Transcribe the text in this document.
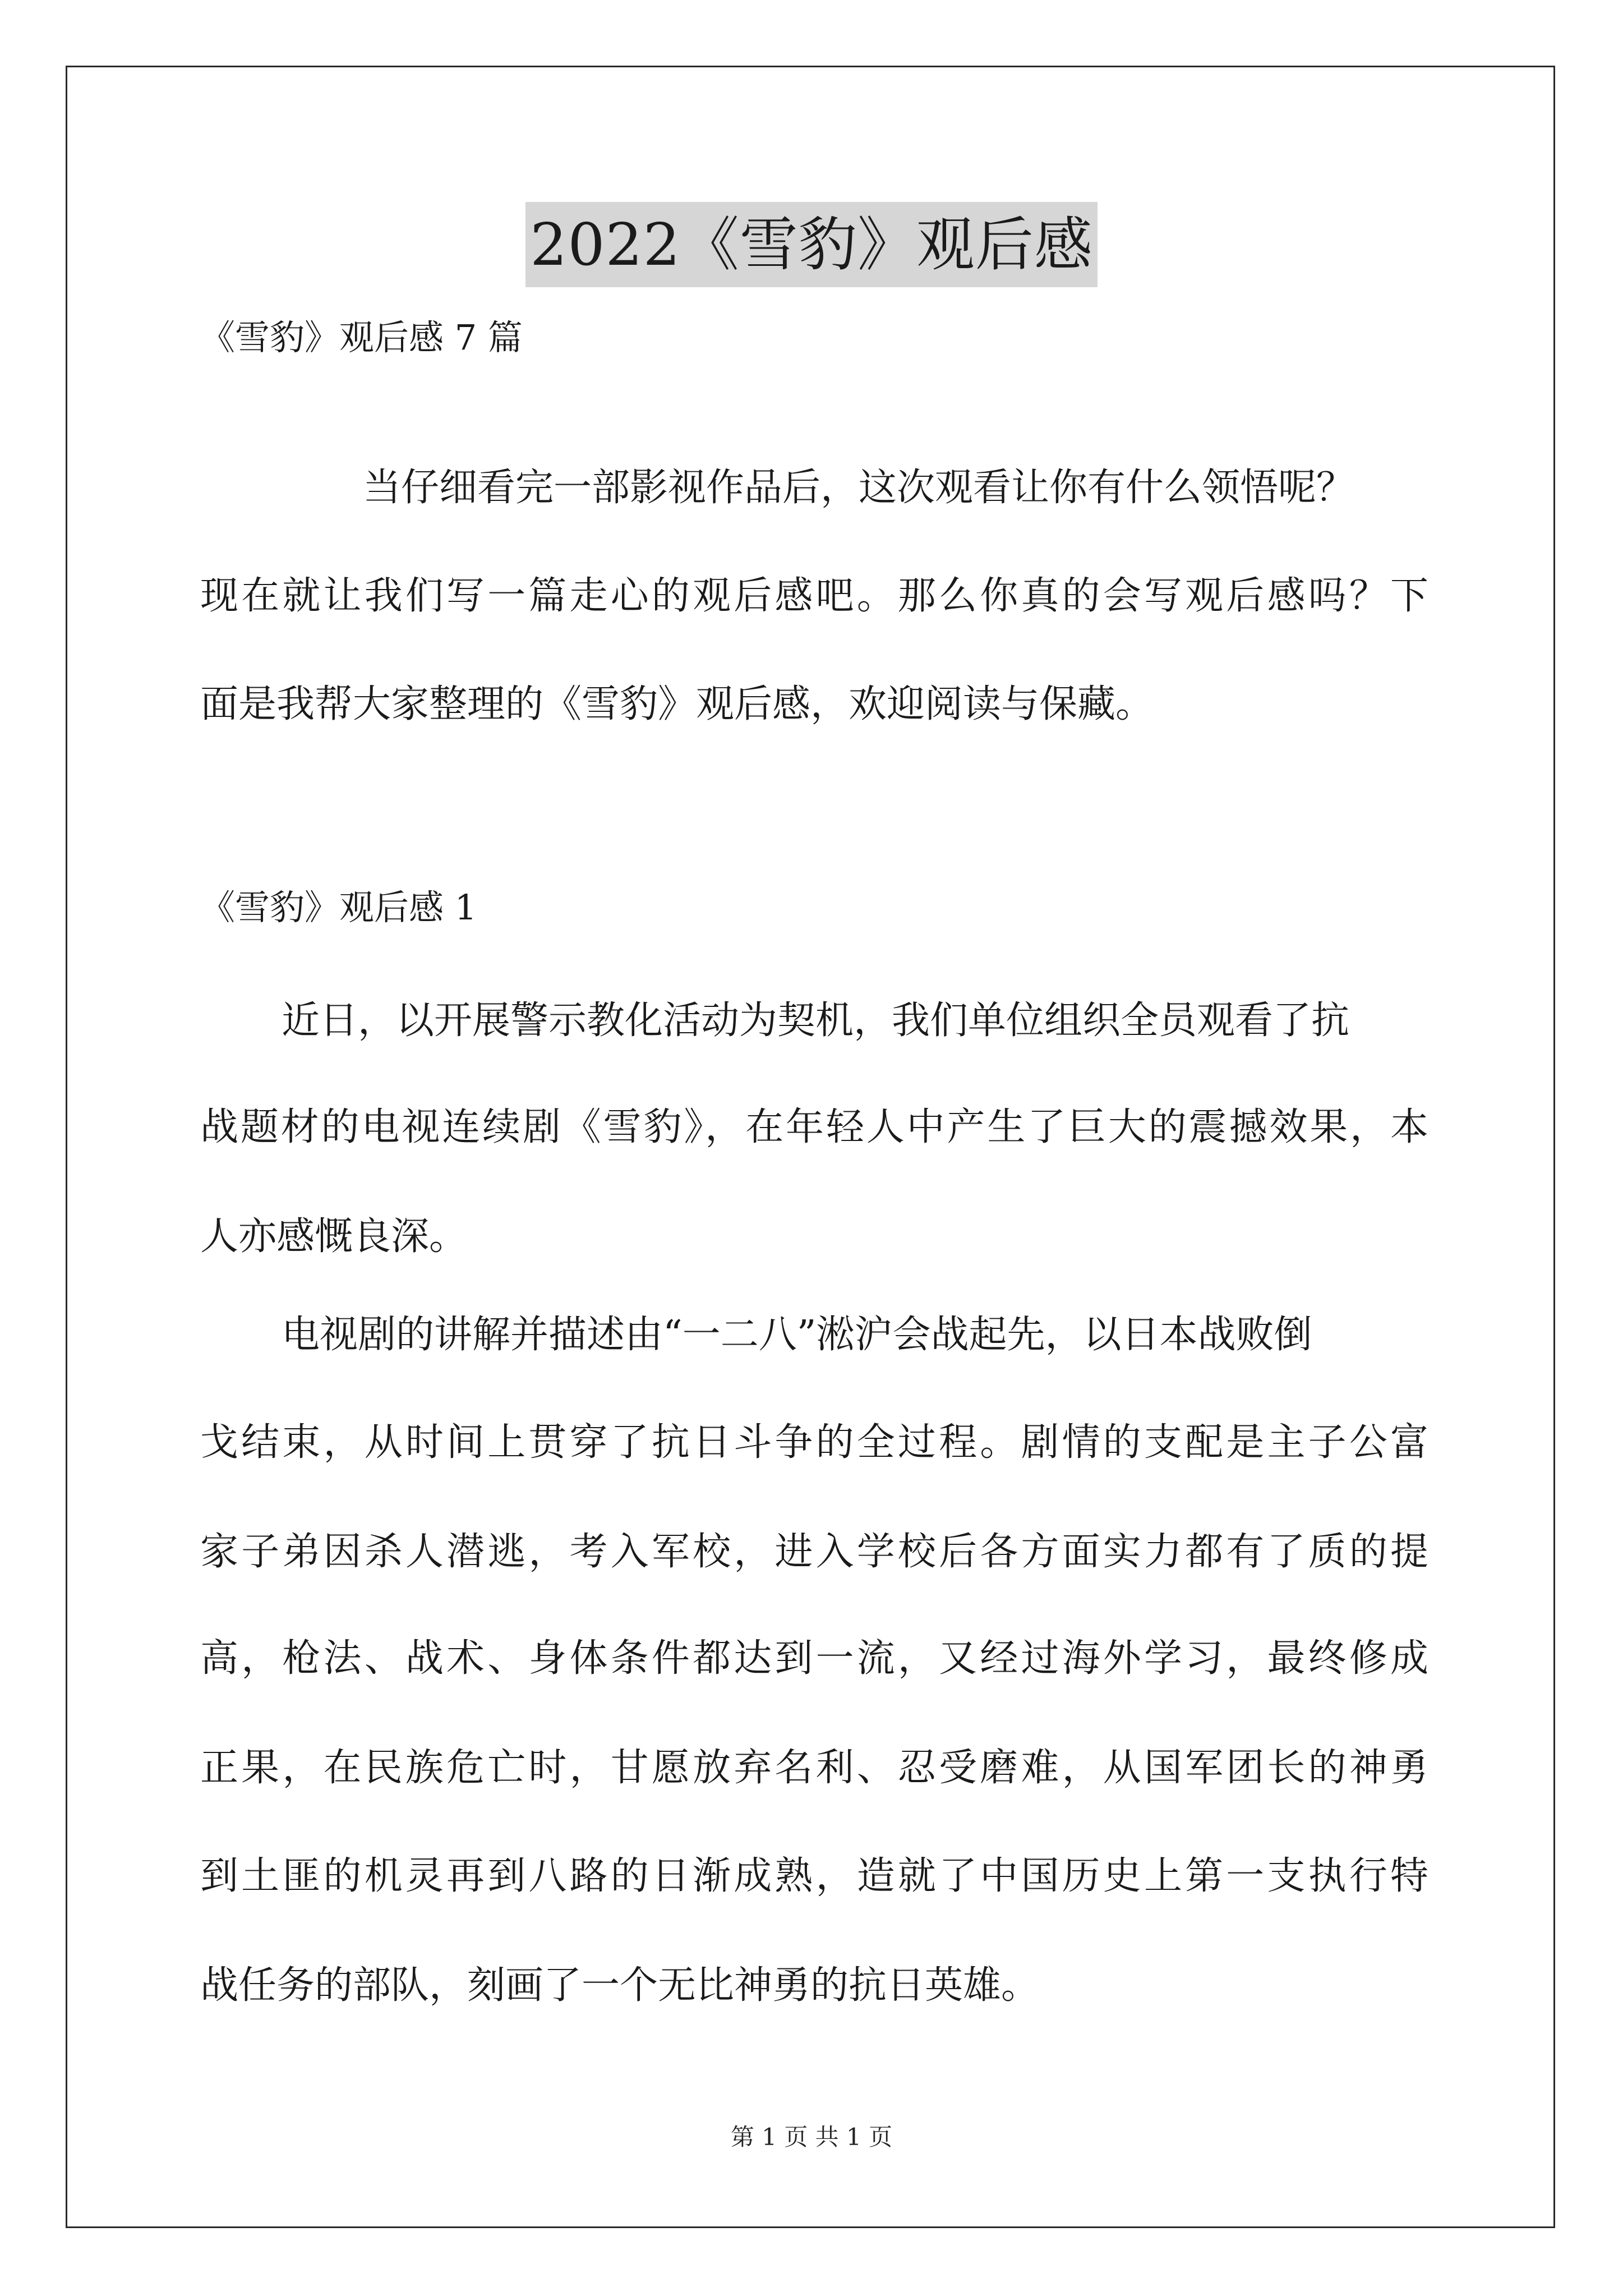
2022《雪豹》观后感
《雪豹》观后感 7 篇
当仔细看完一部影视作品后，这次观看让你有什么领悟呢？
现在就让我们写一篇走心的观后感吧。那么你真的会写观后感吗？下
面是我帮大家整理的《雪豹》观后感，欢迎阅读与保藏。
《雪豹》观后感 1
近日，以开展警示教化活动为契机，我们单位组织全员观看了抗
战题材的电视连续剧《雪豹》，在年轻人中产生了巨大的震撼效果，本
人亦感慨良深。
电视剧的讲解并描述由“一二八”淞沪会战起先，以日本战败倒
戈结束，从时间上贯穿了抗日斗争的全过程。剧情的支配是主子公富
家子弟因杀人潜逃，考入军校，进入学校后各方面实力都有了质的提
高，枪法、战术、身体条件都达到一流，又经过海外学习，最终修成
正果，在民族危亡时，甘愿放弃名利、忍受磨难，从国军团长的神勇
到土匪的机灵再到八路的日渐成熟，造就了中国历史上第一支执行特
战任务的部队，刻画了一个无比神勇的抗日英雄。
第 1 页 共 1 页
